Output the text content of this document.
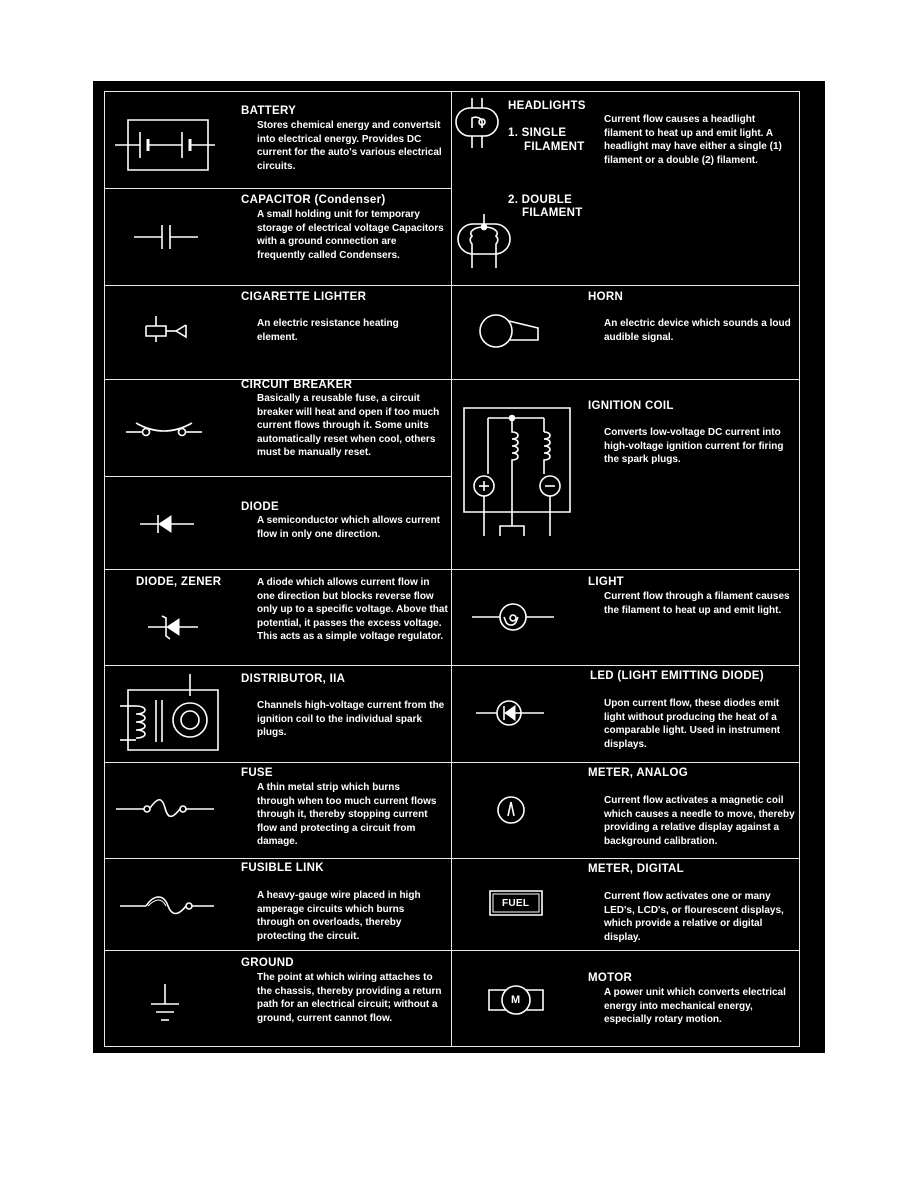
BATTERY
Stores chemical energy and convertsit into electrical energy. Provides DC current for the auto's various electrical circuits.
CAPACITOR (Condenser)
A small holding unit for temporary storage of electrical voltage Capacitors with a ground connection are frequently called Condensers.
CIGARETTE LIGHTER
An electric resistance heating element.
CIRCUIT BREAKER
Basically a reusable fuse, a circuit breaker will heat and open if too much current flows through it. Some units automatically reset when cool, others must be manually reset.
DIODE
A semiconductor which allows current flow in only one direction.
DIODE, ZENER	A diode which allows current flow in one direction but blocks reverse flow only up to a specific voltage. Above that potential, it passes the excess voltage. This acts as a simple voltage regulator.
DISTRIBUTOR, IIA
Channels high-voltage current from the ignition coil to the individual spark plugs.
FUSE
A thin metal strip which burns through when too much current flows through it, thereby stopping current flow and protecting a circuit from damage.
FUSIBLE LINK
A heavy-gauge wire placed in high amperage circuits which burns through on overloads, thereby protecting the circuit.
GROUND
The point at which wiring attaches to the chassis, thereby providing a return path for an electrical circuit; without a ground, current cannot flow.
HEADLIGHTS
1. SINGLE
FILAMENT
2. DOUBLE
FILAMENT
Current flow causes a headlight filament to heat up and emit light. A headlight may have either a single (1) filament or a double (2) filament.
HORN
An electric device which sounds a loud audible signal.
IGNITION COIL
Converts low-voltage DC current into high-voltage ignition current for firing the spark plugs.
LIGHT
Current flow through a filament causes the filament to heat up and emit light.
LED (LIGHT EMITTING DIODE)
Upon current flow, these diodes emit light without producing the heat of a comparable light. Used in instrument displays.
METER, ANALOG
Current flow activates a magnetic coil which causes a needle to move, thereby providing a relative display against a background calibration.
METER, DIGITAL
Current flow activates one or many LED's, LCD's, or flourescent displays, which provide a relative or digital display.
MOTOR
A power unit which converts electrical energy into mechanical energy, especially rotary motion.
FUEL
M
